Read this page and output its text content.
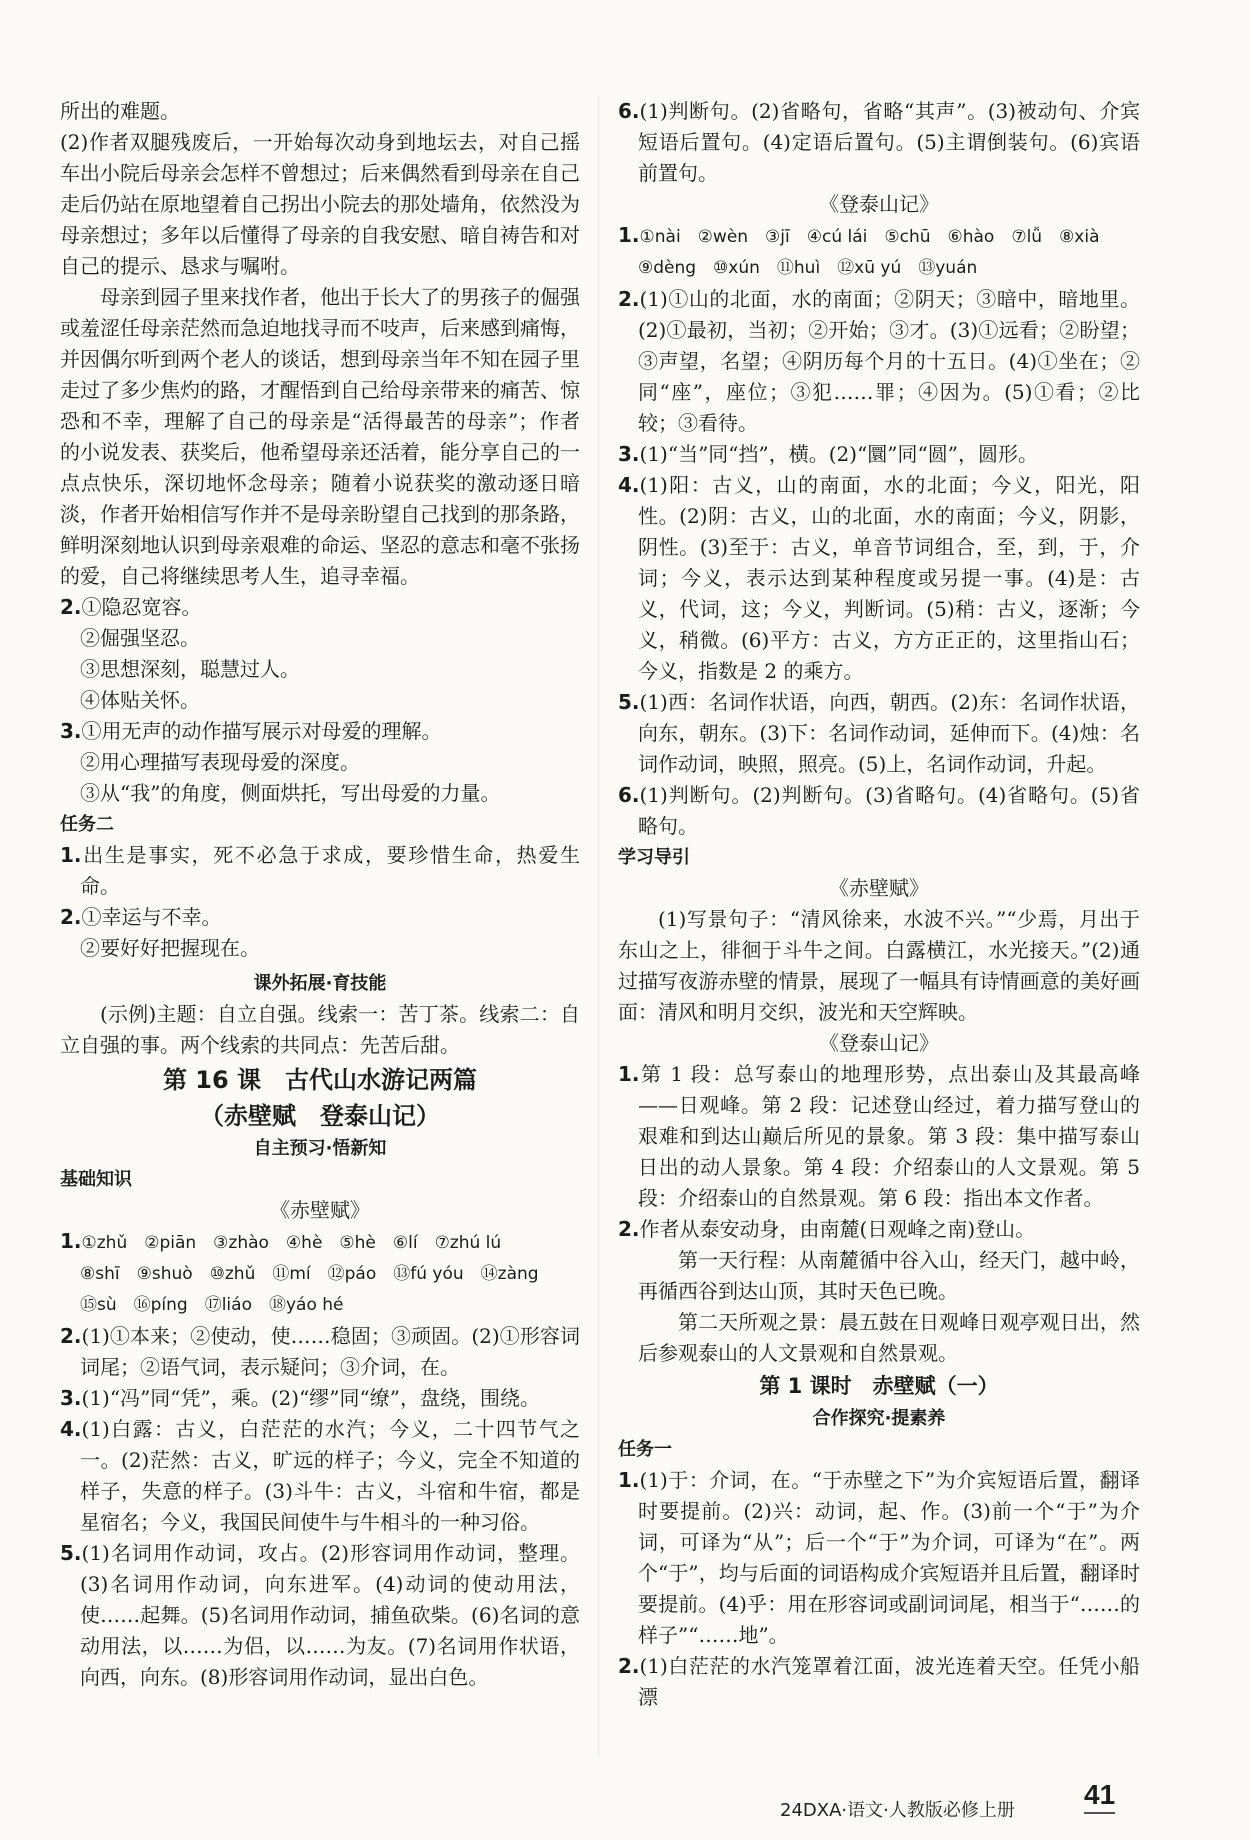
所出的难题。

(2)作者双腿残废后，一开始每次动身到地坛去，对自己摇车出小院后母亲会怎样不曾想过；后来偶然看到母亲在自己走后仍站在原地望着自己拐出小院去的那处墙角，依然没为母亲想过；多年以后懂得了母亲的自我安慰、暗自祷告和对自己的提示、恳求与嘱咐。

母亲到园子里来找作者，他出于长大了的男孩子的倔强或羞涩任母亲茫然而急迫地找寻而不吱声，后来感到痛悔，并因偶尔听到两个老人的谈话，想到母亲当年不知在园子里走过了多少焦灼的路，才醒悟到自己给母亲带来的痛苦、惊恐和不幸，理解了自己的母亲是“活得最苦的母亲”；作者的小说发表、获奖后，他希望母亲还活着，能分享自己的一点点快乐，深切地怀念母亲；随着小说获奖的激动逐日暗淡，作者开始相信写作并不是母亲盼望自己找到的那条路，鲜明深刻地认识到母亲艰难的命运、坚忍的意志和毫不张扬的爱，自己将继续思考人生，追寻幸福。

2.①隐忍宽容。
②倔强坚忍。
③思想深刻，聪慧过人。
④体贴关怀。
3.①用无声的动作描写展示对母爱的理解。
②用心理描写表现母爱的深度。
③从“我”的角度，侧面烘托，写出母爱的力量。
任务二
1.出生是事实，死不必急于求成，要珍惜生命，热爱生命。
2.①幸运与不幸。
②要好好把握现在。
课外拓展·育技能

(示例)主题：自立自强。线索一：苦丁茶。线索二：自立自强的事。两个线索的共同点：先苦后甜。

第 16 课　古代山水游记两篇
（赤壁赋　登泰山记）
自主预习·悟新知
基础知识
《赤壁赋》
1.①zhǔ　②piān　③zhào　④hè　⑤hè　⑥lí　⑦zhú lú
⑧shī　⑨shuò　⑩zhǔ　⑪mí　⑫páo　⑬fú yóu　⑭zàng
⑮sù　⑯píng　⑰liáo　⑱yáo hé
2.(1)①本来；②使动，使……稳固；③顽固。(2)①形容词词尾；②语气词，表示疑问；③介词，在。
3.(1)“冯”同“凭”，乘。(2)“缪”同“缭”，盘绕，围绕。
4.(1)白露：古义，白茫茫的水汽；今义，二十四节气之一。(2)茫然：古义，旷远的样子；今义，完全不知道的样子，失意的样子。(3)斗牛：古义，斗宿和牛宿，都是星宿名；今义，我国民间使牛与牛相斗的一种习俗。
5.(1)名词用作动词，攻占。(2)形容词用作动词，整理。(3)名词用作动词，向东进军。(4)动词的使动用法，使……起舞。(5)名词用作动词，捕鱼砍柴。(6)名词的意动用法，以……为侣，以……为友。(7)名词用作状语，向西，向东。(8)形容词用作动词，显出白色。
6.(1)判断句。(2)省略句，省略“其声”。(3)被动句、介宾短语后置句。(4)定语后置句。(5)主谓倒装句。(6)宾语前置句。
《登泰山记》
1.①nài　②wèn　③jī　④cú lái　⑤chū　⑥hào　⑦lǚ　⑧xià
⑨dèng　⑩xún　⑪huì　⑫xū yú　⑬yuán
2.(1)①山的北面，水的南面；②阴天；③暗中，暗地里。(2)①最初，当初；②开始；③才。(3)①远看；②盼望；③声望，名望；④阴历每个月的十五日。(4)①坐在；②同“座”，座位；③犯……罪；④因为。(5)①看；②比较；③看待。
3.(1)“当”同“挡”，横。(2)“圜”同“圆”，圆形。
4.(1)阳：古义，山的南面，水的北面；今义，阳光，阳性。(2)阴：古义，山的北面，水的南面；今义，阴影，阴性。(3)至于：古义，单音节词组合，至，到，于，介词；今义，表示达到某种程度或另提一事。(4)是：古义，代词，这；今义，判断词。(5)稍：古义，逐渐；今义，稍微。(6)平方：古义，方方正正的，这里指山石；今义，指数是 2 的乘方。
5.(1)西：名词作状语，向西，朝西。(2)东：名词作状语，向东，朝东。(3)下：名词作动词，延伸而下。(4)烛：名词作动词，映照，照亮。(5)上，名词作动词，升起。
6.(1)判断句。(2)判断句。(3)省略句。(4)省略句。(5)省略句。
学习导引
《赤壁赋》

(1)写景句子：“清风徐来，水波不兴。”“少焉，月出于东山之上，徘徊于斗牛之间。白露横江，水光接天。”(2)通过描写夜游赤壁的情景，展现了一幅具有诗情画意的美好画面：清风和明月交织，波光和天空辉映。

《登泰山记》
1.第 1 段：总写泰山的地理形势，点出泰山及其最高峰——日观峰。第 2 段：记述登山经过，着力描写登山的艰难和到达山巅后所见的景象。第 3 段：集中描写泰山日出的动人景象。第 4 段：介绍泰山的人文景观。第 5 段：介绍泰山的自然景观。第 6 段：指出本文作者。
2.作者从泰安动身，由南麓(日观峰之南)登山。

第一天行程：从南麓循中谷入山，经天门，越中岭，再循西谷到达山顶，其时天色已晚。

第二天所观之景：晨五鼓在日观峰日观亭观日出，然后参观泰山的人文景观和自然景观。

第 1 课时　赤壁赋（一）
合作探究·提素养
任务一
1.(1)于：介词，在。“于赤壁之下”为介宾短语后置，翻译时要提前。(2)兴：动词，起、作。(3)前一个“于”为介词，可译为“从”；后一个“于”为介词，可译为“在”。两个“于”，均与后面的词语构成介宾短语并且后置，翻译时要提前。(4)乎：用在形容词或副词词尾，相当于“……的样子”“……地”。
2.(1)白茫茫的水汽笼罩着江面，波光连着天空。任凭小船漂
24DXA·语文·人教版必修上册
41
